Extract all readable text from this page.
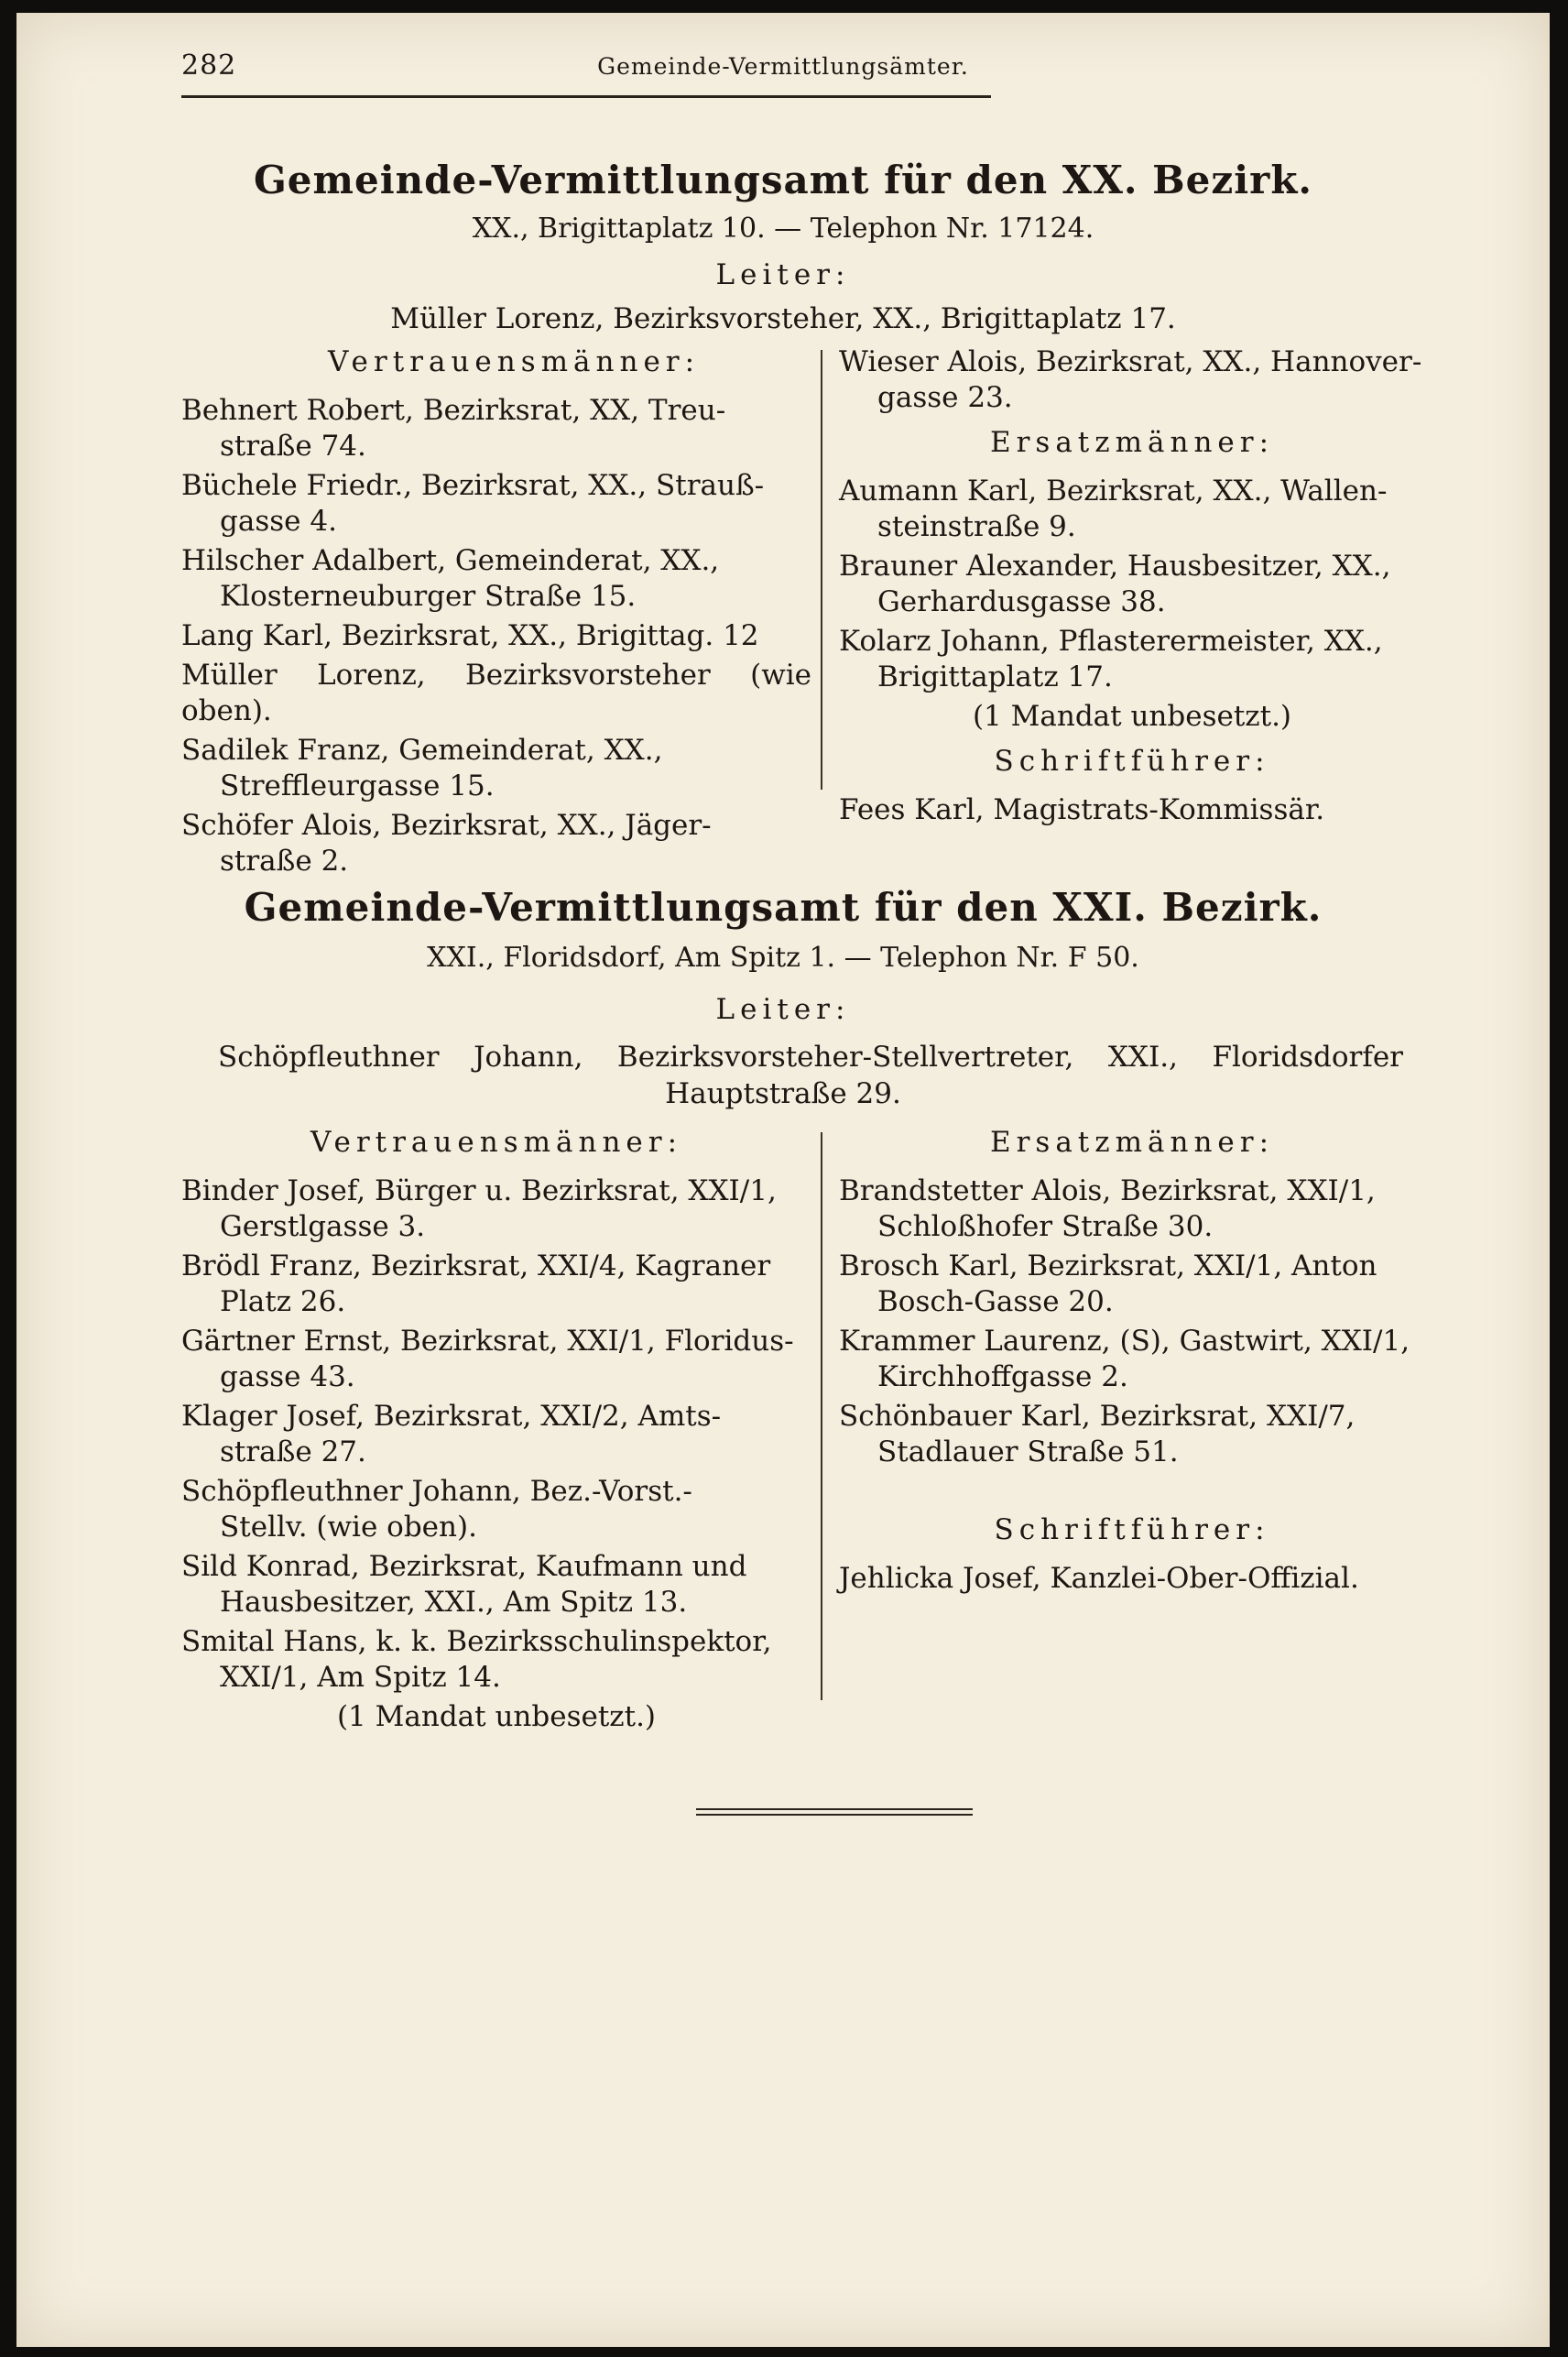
282	Gemeinde-Vermittlungsämter.
Gemeinde-Vermittlungsamt für den XX. Bezirk.
XX., Brigittaplatz 10. — Telephon Nr. 17124.
Leiter:
Müller Lorenz, Bezirksvorsteher, XX., Brigittaplatz 17.
Vertrauensmänner:
Behnert Robert, Bezirksrat, XX, Treu-
straße 74.
Büchele Friedr., Bezirksrat, XX., Strauß-
gasse 4.
Hilscher Adalbert, Gemeinderat, XX.,
Klosterneuburger Straße 15.
Lang Karl, Bezirksrat, XX., Brigittag. 12
Müller Lorenz, Bezirksvorsteher (wie oben).
Sadilek Franz, Gemeinderat, XX.,
Streffleurgasse 15.
Schöfer Alois, Bezirksrat, XX., Jäger-
straße 2.
Wieser Alois, Bezirksrat, XX., Hannover-
gasse 23.
Ersatzmänner:
Aumann Karl, Bezirksrat, XX., Wallen-
steinstraße 9.
Brauner Alexander, Hausbesitzer, XX.,
Gerhardusgasse 38.
Kolarz Johann, Pflasterermeister, XX.,
Brigittaplatz 17.
(1 Mandat unbesetzt.)
Schriftführer:
Fees Karl, Magistrats-Kommissär.
Gemeinde-Vermittlungsamt für den XXI. Bezirk.
XXI., Floridsdorf, Am Spitz 1. — Telephon Nr. F 50.
Leiter:
Schöpfleuthner Johann, Bezirksvorsteher-Stellvertreter, XXI., Floridsdorfer
Hauptstraße 29.
Vertrauensmänner:
Binder Josef, Bürger u. Bezirksrat, XXI/1,
Gerstlgasse 3.
Brödl Franz, Bezirksrat, XXI/4, Kagraner
Platz 26.
Gärtner Ernst, Bezirksrat, XXI/1, Floridus-
gasse 43.
Klager Josef, Bezirksrat, XXI/2, Amts-
straße 27.
Schöpfleuthner Johann, Bez.-Vorst.-
Stellv. (wie oben).
Sild Konrad, Bezirksrat, Kaufmann und
Hausbesitzer, XXI., Am Spitz 13.
Smital Hans, k. k. Bezirksschulinspektor,
XXI/1, Am Spitz 14.
(1 Mandat unbesetzt.)
Ersatzmänner:
Brandstetter Alois, Bezirksrat, XXI/1,
Schloßhofer Straße 30.
Brosch Karl, Bezirksrat, XXI/1, Anton
Bosch-Gasse 20.
Krammer Laurenz, (S), Gastwirt, XXI/1,
Kirchhoffgasse 2.
Schönbauer Karl, Bezirksrat, XXI/7,
Stadlauer Straße 51.
Schriftführer:
Jehlicka Josef, Kanzlei-Ober-Offizial.
